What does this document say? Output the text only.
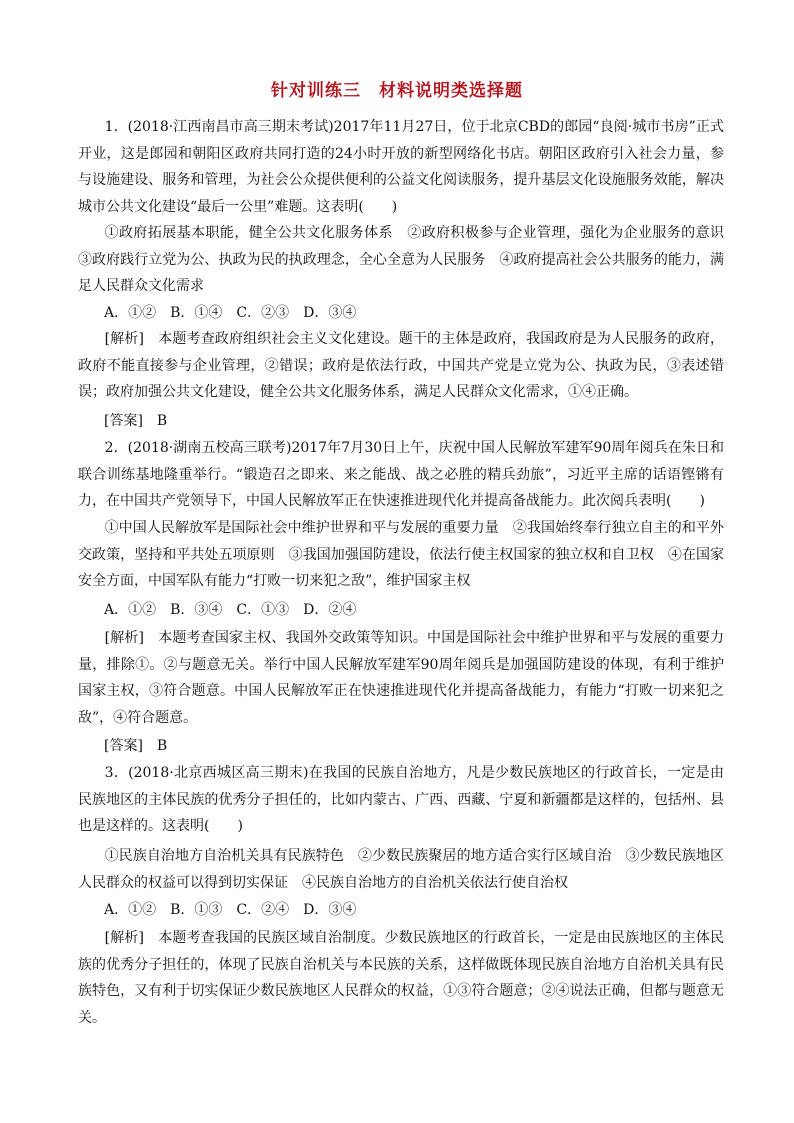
针对训练三　材料说明类选择题
1．(2018·江西南昌市高三期末考试)2017年11月27日，位于北京CBD的郎园“良阅·城市书房”正式开业，这是郎园和朝阳区政府共同打造的24小时开放的新型网络化书店。朝阳区政府引入社会力量，参与设施建设、服务和管理，为社会公众提供便利的公益文化阅读服务，提升基层文化设施服务效能，解决城市公共文化建设“最后一公里”难题。这表明(　　)
①政府拓展基本职能，健全公共文化服务体系　②政府积极参与企业管理，强化为企业服务的意识　③政府践行立党为公、执政为民的执政理念，全心全意为人民服务　④政府提高社会公共服务的能力，满足人民群众文化需求
A．①②　B．①④　C．②③　D．③④
[解析]　本题考查政府组织社会主义文化建设。题干的主体是政府，我国政府是为人民服务的政府，政府不能直接参与企业管理，②错误；政府是依法行政，中国共产党是立党为公、执政为民，③表述错误；政府加强公共文化建设，健全公共文化服务体系，满足人民群众文化需求，①④正确。
[答案]　B
2．(2018·湖南五校高三联考)2017年7月30日上午，庆祝中国人民解放军建军90周年阅兵在朱日和联合训练基地隆重举行。“锻造召之即来、来之能战、战之必胜的精兵劲旅”，习近平主席的话语铿锵有力，在中国共产党领导下，中国人民解放军正在快速推进现代化并提高备战能力。此次阅兵表明(　　)
①中国人民解放军是国际社会中维护世界和平与发展的重要力量　②我国始终奉行独立自主的和平外交政策，坚持和平共处五项原则　③我国加强国防建设，依法行使主权国家的独立权和自卫权　④在国家安全方面，中国军队有能力“打败一切来犯之敌”，维护国家主权
A．①②　B．③④　C．①③　D．②④
[解析]　本题考查国家主权、我国外交政策等知识。中国是国际社会中维护世界和平与发展的重要力量，排除①。②与题意无关。举行中国人民解放军建军90周年阅兵是加强国防建设的体现，有利于维护国家主权，③符合题意。中国人民解放军正在快速推进现代化并提高备战能力，有能力“打败一切来犯之敌”，④符合题意。
[答案]　B
3．(2018·北京西城区高三期末)在我国的民族自治地方，凡是少数民族地区的行政首长，一定是由民族地区的主体民族的优秀分子担任的，比如内蒙古、广西、西藏、宁夏和新疆都是这样的，包括州、县也是这样的。这表明(　　)
①民族自治地方自治机关具有民族特色　②少数民族聚居的地方适合实行区域自治　③少数民族地区人民群众的权益可以得到切实保证　④民族自治地方的自治机关依法行使自治权
A．①②　B．①③　C．②④　D．③④
[解析]　本题考查我国的民族区域自治制度。少数民族地区的行政首长，一定是由民族地区的主体民族的优秀分子担任的，体现了民族自治机关与本民族的关系，这样做既体现民族自治地方自治机关具有民族特色，又有利于切实保证少数民族地区人民群众的权益，①③符合题意；②④说法正确，但都与题意无关。
